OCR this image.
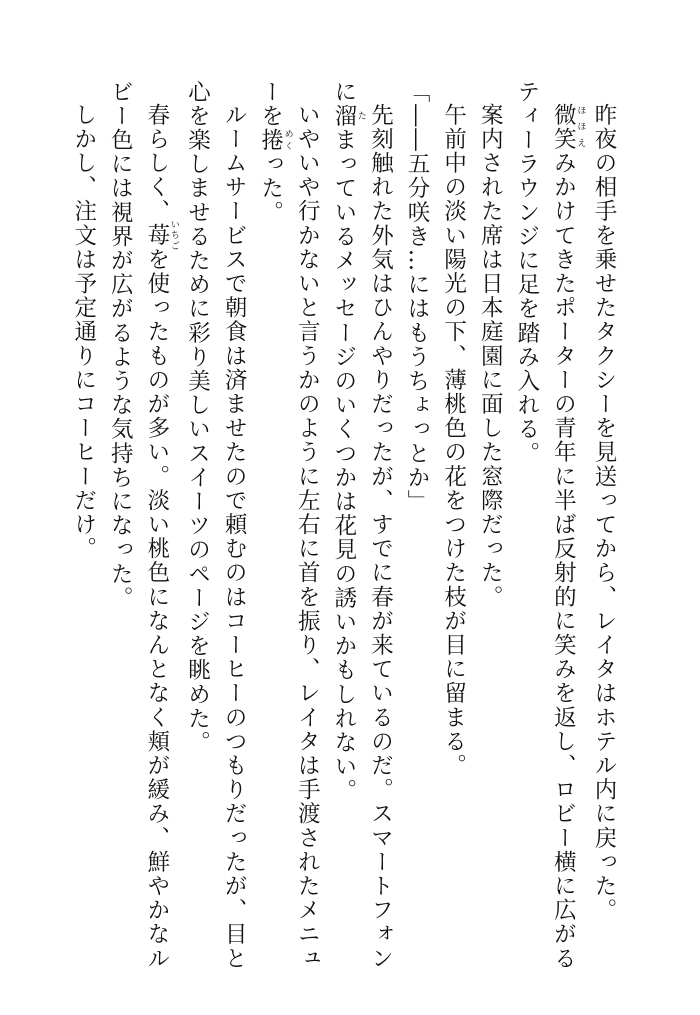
昨夜の相手を乗せたタクシーを見送ってから、レイタはホテル内に戻った。

微笑 ほほえみかけてきたポーターの青年に半ば反射的に笑みを返し、ロビー横に広がるティーラウンジに足を踏み入れる。

案内された席は日本庭園に面した窓際だった。

午前中の淡い陽光の下、薄桃色の花をつけた枝が目に留まる。

「――五分咲き…にはもうちょっとか」

先刻触れた外気はひんやりだったが、すでに春が来ているのだ。スマートフォンに溜 たまっているメッセージのいくつかは花見の誘いかもしれない。

いやいや行かないと言うかのように左右に首を振り、レイタは手渡されたメニューを捲 めくった。

ルームサービスで朝食は済ませたので頼むのはコーヒーのつもりだったが、目と心を楽しませるために彩り美しいスイーツのページを眺めた。

春らしく、苺 いちごを使ったものが多い。淡い桃色になんとなく頬が緩み、鮮やかなルビー色には視界が広がるような気持ちになった。

しかし、注文は予定通りにコーヒーだけ。
